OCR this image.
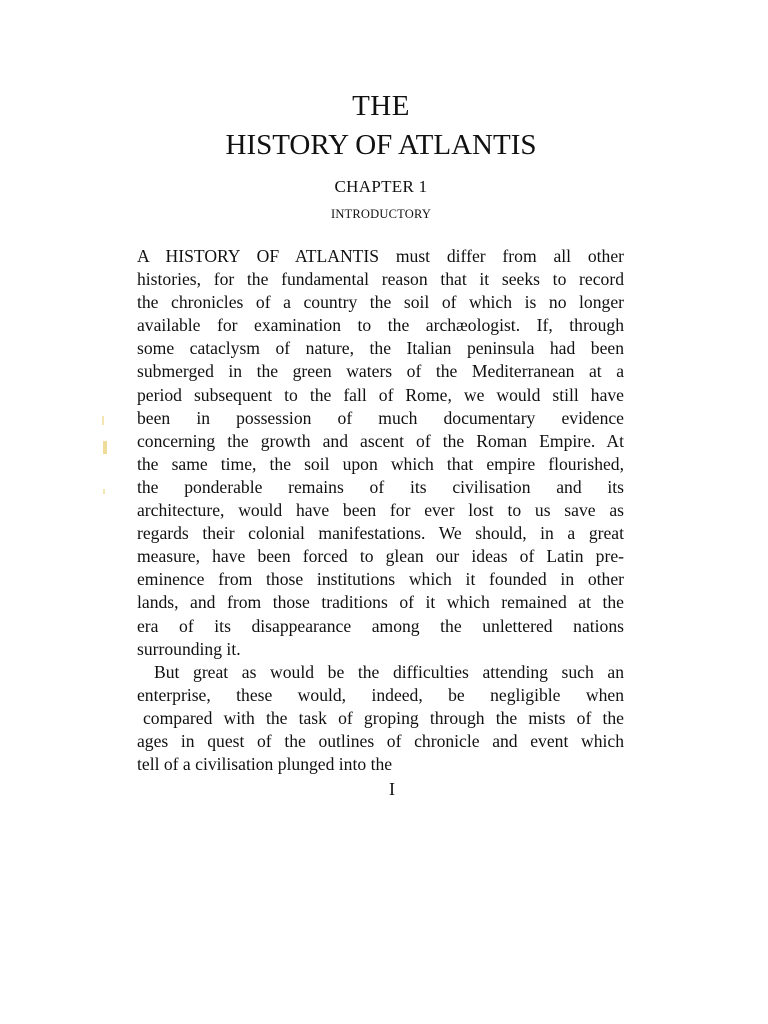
THE
HISTORY OF ATLANTIS
CHAPTER 1
INTRODUCTORY
A HISTORY OF ATLANTIS must differ from all other
histories, for the fundamental reason that it seeks to record
the chronicles of a country the soil of which is no longer
available for examination to the archæologist. If, through
some cataclysm of nature, the Italian peninsula had been
submerged in the green waters of the Mediterranean at a
period subsequent to the fall of Rome, we would still have
been in possession of much documentary evidence
concerning the growth and ascent of the Roman Empire. At
the same time, the soil upon which that empire flourished,
the ponderable remains of its civilisation and its
architecture, would have been for ever lost to us save as
regards their colonial manifestations. We should, in a great
measure, have been forced to glean our ideas of Latin pre-
eminence from those institutions which it founded in other
lands, and from those traditions of it which remained at the
era of its disappearance among the unlettered nations
surrounding it.
But great as would be the difficulties attending such an
enterprise, these would, indeed, be negligible when
compared with the task of groping through the mists of the
ages in quest of the outlines of chronicle and event which
tell of a civilisation plunged into the
I
